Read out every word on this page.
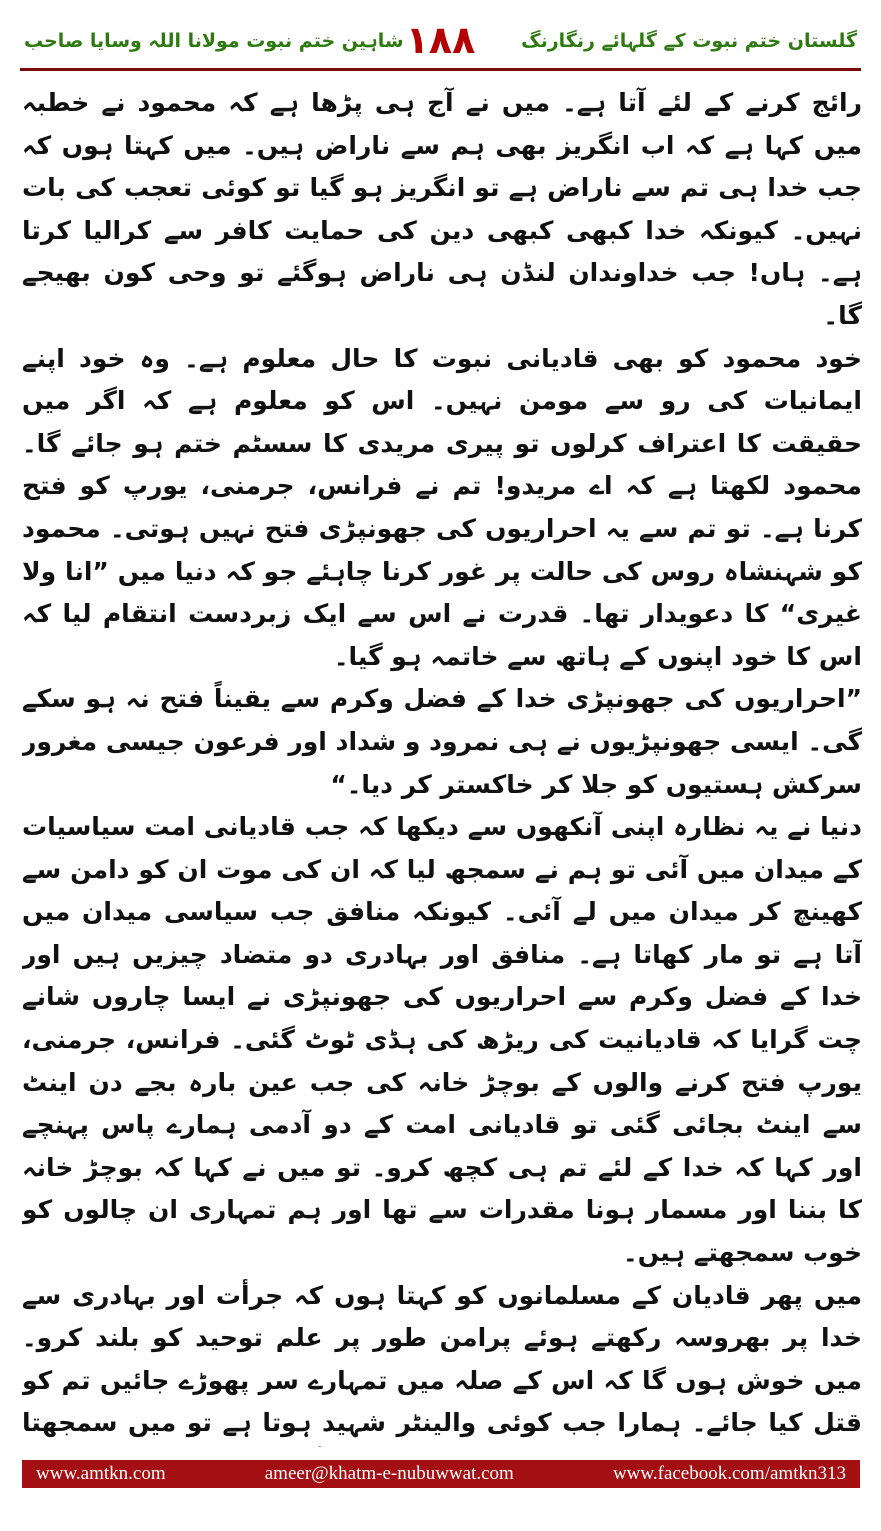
گلستان ختم نبوت کے گلہائے رنگارنگ
۱۸۸
شاہین ختم نبوت مولانا اللہ وسایا صاحب

رائج کرنے کے لئے آتا ہے۔ میں نے آج ہی پڑھا ہے کہ محمود نے خطبہ میں کہا ہے کہ اب انگریز بھی ہم سے ناراض ہیں۔ میں کہتا ہوں کہ جب خدا ہی تم سے ناراض ہے تو انگریز ہو گیا تو کوئی تعجب کی بات نہیں۔ کیونکہ خدا کبھی کبھی دین کی حمایت کافر سے کرالیا کرتا ہے۔ ہاں! جب خداوندان لنڈن ہی ناراض ہوگئے تو وحی کون بھیجے گا۔

خود محمود کو بھی قادیانی نبوت کا حال معلوم ہے۔ وہ خود اپنے ایمانیات کی رو سے مومن نہیں۔ اس کو معلوم ہے کہ اگر میں حقیقت کا اعتراف کرلوں تو پیری مریدی کا سسٹم ختم ہو جائے گا۔ محمود لکھتا ہے کہ اے مریدو! تم نے فرانس، جرمنی، یورپ کو فتح کرنا ہے۔ تو تم سے یہ احراریوں کی جھونپڑی فتح نہیں ہوتی۔ محمود کو شہنشاہ روس کی حالت پر غور کرنا چاہئے جو کہ دنیا میں ”انا ولا غیری“ کا دعویدار تھا۔ قدرت نے اس سے ایک زبردست انتقام لیا کہ اس کا خود اپنوں کے ہاتھ سے خاتمہ ہو گیا۔

”احراریوں کی جھونپڑی خدا کے فضل وکرم سے یقیناً فتح نہ ہو سکے گی۔ ایسی جھونپڑیوں نے ہی نمرود و شداد اور فرعون جیسی مغرور سرکش ہستیوں کو جلا کر خاکستر کر دیا۔“

دنیا نے یہ نظارہ اپنی آنکھوں سے دیکھا کہ جب قادیانی امت سیاسیات کے میدان میں آئی تو ہم نے سمجھ لیا کہ ان کی موت ان کو دامن سے کھینچ کر میدان میں لے آئی۔ کیونکہ منافق جب سیاسی میدان میں آتا ہے تو مار کھاتا ہے۔ منافق اور بہادری دو متضاد چیزیں ہیں اور خدا کے فضل وکرم سے احراریوں کی جھونپڑی نے ایسا چاروں شانے چت گرایا کہ قادیانیت کی ریڑھ کی ہڈی ٹوٹ گئی۔ فرانس، جرمنی، یورپ فتح کرنے والوں کے بوچڑ خانہ کی جب عین بارہ بجے دن اینٹ سے اینٹ بجائی گئی تو قادیانی امت کے دو آدمی ہمارے پاس پہنچے اور کہا کہ خدا کے لئے تم ہی کچھ کرو۔ تو میں نے کہا کہ بوچڑ خانہ کا بننا اور مسمار ہونا مقدرات سے تھا اور ہم تمہاری ان چالوں کو خوب سمجھتے ہیں۔

میں پھر قادیان کے مسلمانوں کو کہتا ہوں کہ جرأت اور بہادری سے خدا پر بھروسہ رکھتے ہوئے پرامن طور پر علم توحید کو بلند کرو۔ میں خوش ہوں گا کہ اس کے صلہ میں تمہارے سر پھوڑے جائیں تم کو قتل کیا جائے۔ ہمارا جب کوئی والینٹر شہید ہوتا ہے تو میں سمجھتا

www.amtkn.com	ameer@khatm-e-nubuwwat.com	www.facebook.com/amtkn313
